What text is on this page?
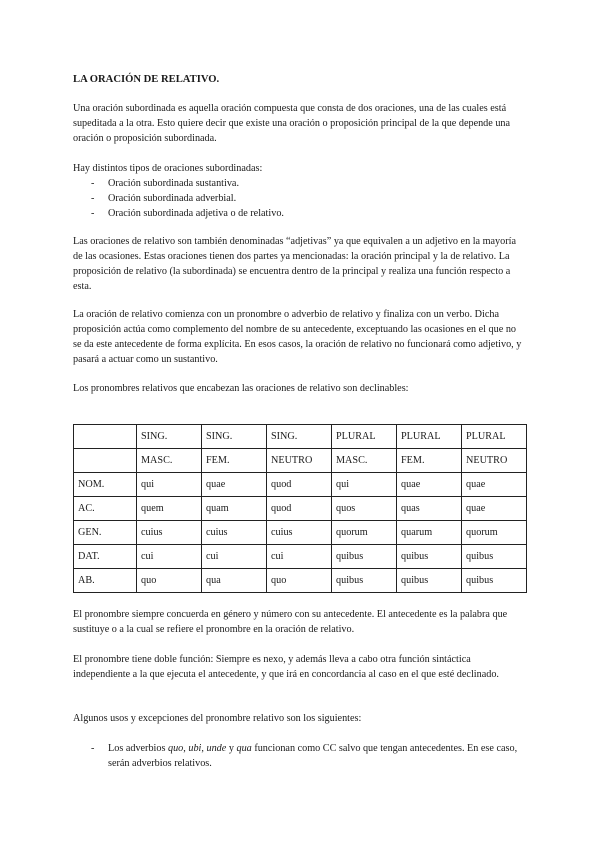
LA ORACIÓN DE RELATIVO.

Una oración subordinada es aquella oración compuesta que consta de dos oraciones, una de las cuales está supeditada a la otra. Esto quiere decir que existe una oración o proposición principal de la que depende una oración o proposición subordinada.

Hay distintos tipos de oraciones subordinadas:

- Oración subordinada sustantiva.
- Oración subordinada adverbial.
- Oración subordinada adjetiva o de relativo.

Las oraciones de relativo son también denominadas “adjetivas” ya que equivalen a un adjetivo en la mayoría de las ocasiones. Estas oraciones tienen dos partes ya mencionadas: la oración principal y la de relativo. La proposición de relativo (la subordinada) se encuentra dentro de la principal y realiza una función respecto a esta.

La oración de relativo comienza con un pronombre o adverbio de relativo y finaliza con un verbo. Dicha proposición actúa como complemento del nombre de su antecedente, exceptuando las ocasiones en el que no se da este antecedente de forma explícita. En esos casos, la oración de relativo no funcionará como adjetivo, y pasará a actuar como un sustantivo.

Los pronombres relativos que encabezan las oraciones de relativo son declinables:

	SING.	SING.	SING.	PLURAL	PLURAL	PLURAL
	MASC.	FEM.	NEUTRO	MASC.	FEM.	NEUTRO
NOM.	qui	quae	quod	qui	quae	quae
AC.	quem	quam	quod	quos	quas	quae
GEN.	cuius	cuius	cuius	quorum	quarum	quorum
DAT.	cui	cui	cui	quibus	quibus	quibus
AB.	quo	qua	quo	quibus	quibus	quibus

El pronombre siempre concuerda en género y número con su antecedente. El antecedente es la palabra que sustituye o a la cual se refiere el pronombre en la oración de relativo.

El pronombre tiene doble función: Siempre es nexo, y además lleva a cabo otra función sintáctica independiente a la que ejecuta el antecedente, y que irá en concordancia al caso en el que esté declinado.

Algunos usos y excepciones del pronombre relativo son los siguientes:

- Los adverbios quo, ubi, unde y qua funcionan como CC salvo que tengan antecedentes. En ese caso, serán adverbios relativos.
